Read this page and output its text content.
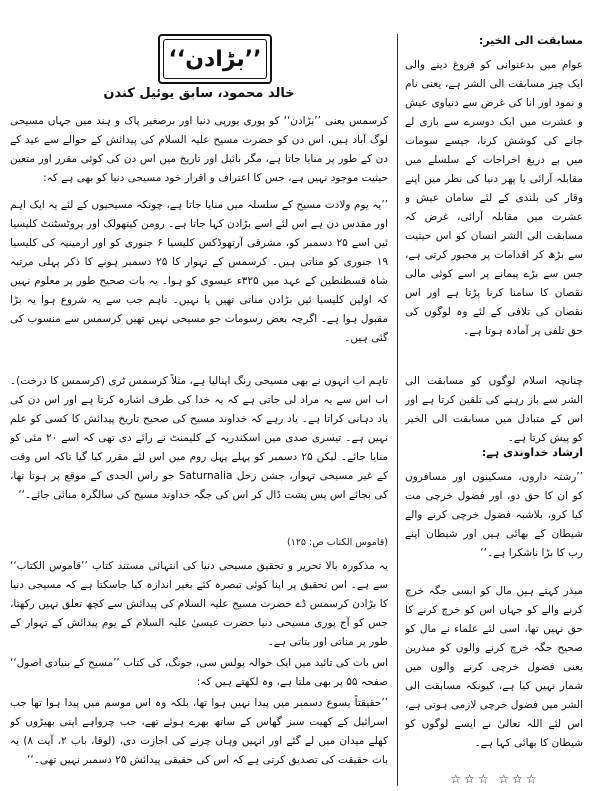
’’بڑادن‘‘
خالد محمود، سابق یوئیل کندن
کرسمس یعنی ’’بڑادن‘‘ کو پوری یورپی دنیا اور برصغیر پاک و ہند میں جہاں مسیحی لوگ آباد ہیں، اس دن کو حضرت مسیح علیہ السلام کی پیدائش کے حوالے سے عید کے دن کے طور پر منایا جاتا ہے، مگر بائبل اور تاریخ میں اس دن کی کوئی مقرر اور متعین حیثیت موجود نہیں ہے، جس کا اعتراف و اقرار خود مسیحی دنیا کو بھی ہے کہ:
’’یہ یوم ولادت مسیح کے سلسلہ میں منایا جاتا ہے، چونکہ مسیحیوں کے لئے یہ ایک اہم اور مقدس دن ہے اس لئے اسے بڑادن کہا جاتا ہے۔ رومن کیتھولک اور پروٹسٹنٹ کلیسیا ئیں اسے ۲۵ دسمبر کو، مشرقی آرتھوڈکس کلیسیا ۶ جنوری کو اور ارمینیہ کی کلیسیا ۱۹ جنوری کو مناتی ہیں۔ کرسمس کے تہوار کا ۲۵ دسمبر ہونے کا ذکر پہلی مرتبہ شاہ قسطنطین کے عہد میں ۳۲۵ء عیسوی کو ہوا۔ یہ بات صحیح طور پر معلوم نہیں کہ اولین کلیسیا ئیں بڑادن مناتی تھیں یا نہیں۔ تاہم جب سے یہ شروع ہوا یہ بڑا مقبول ہوا ہے۔ اگرچہ بعض رسومات جو مسیحی نہیں تھیں کرسمس سے منسوب کی گئی ہیں۔
تاہم اب انہوں نے بھی مسیحی رنگ اپنالیا ہے، مثلاً کرسمس ٹری (کرسمس کا درخت)۔ اب اس سے یہ مراد لی جاتی ہے کہ یہ خدا کی طرف اشارہ کرتا ہے اور اس دن کی یاد دہانی کراتا ہے۔ یاد رہے کہ خداوند مسیح کی صحیح تاریخ پیدائش کا کسی کو علم نہیں ہے۔ تیسری صدی میں اسکندریہ کے کلیمنٹ نے رائے دی تھی کہ اسے ۲۰ مئی کو منایا جائے۔ لیکن ۲۵ دسمبر کو پہلے پہل روم میں اس لئے مقرر کیا گیا تاکہ اس وقت کے غیر مسیحی تہوار، جشن زحل Saturnalia جو راس الجدی کے موقع پر ہوتا تھا، کی بجائے اس پس پشت ڈال کر اس کی جگہ خداوند مسیح کی سالگرہ منائی جائے۔‘‘
(قاموس الکتاب ص: ۱۲۵)
یہ مذکورہ بالا تحریر و تحقیق مسیحی دنیا کی انتہائی مستند کتاب ’’قاموس الکتاب‘‘ سے ہے۔ اس تحقیق پر اپنا کوئی تبصرہ کئے بغیر اندازہ کیا جاسکتا ہے کہ مسیحی دنیا کا بڑادن کرسمس ڈے حضرت مسیح علیہ السلام کی پیدائش سے کچھ تعلق نہیں رکھتا، جس کو آج پوری مسیحی دنیا حضرت عیسیٰ علیہ السلام کے یوم پیدائش کے تہوار کے طور پر مناتی اور بتاتی ہے۔
اس بات کی تائید میں ایک حوالہ پولس سی، جونگ، کی کتاب ’’مسیح کے بنیادی اصول‘‘ صفحہ ۵۵ پر بھی ملتا ہے، وہ لکھتے ہیں کہ:
’’حقیقتاً یسوع دسمبر میں پیدا نہیں ہوا تھا، بلکہ وہ اس موسم میں پیدا ہوا تھا جب اسرائیل کے کھیت سبز گھاس کے ساتھ بھرے ہوئے تھے، جب چرواہے اپنی بھیڑوں کو کھلے میدان میں لے گئے اور انہیں وہاں چرنے کی اجازت دی، (لوقا، باب ۲، آیت ۸) یہ بات حقیقت کی تصدیق کرتی ہے کہ اس کی حقیقی پیدائش ۲۵ دسمبر نہیں تھی۔‘‘
مسابقت الی الخیر:
عوام میں بدعنوانی کو فروغ دینے والی ایک چیز مسابقت الی الشر ہے، یعنی نام و نمود اور انا کی غرض سے دنیاوی عیش و عشرت میں ایک دوسرے سے بازی لے جانے کی کوشش کرنا، جیسے سومات میں بے دریغ اخراجات کے سلسلے میں مقابلہ آرائی یا پھر دنیا کی نظر میں اپنے وقار کی بلندی کے لئے سامان عیش و عشرت میں مقابلہ آرائی، غرض کہ مسابقت الی الشر انسان کو اس حیثیت سے بڑھ کر اقدامات پر مجبور کرتی ہے، جس سے بڑے پیمانے پر اسے کوئی مالی نقصان کا سامنا کرنا پڑتا ہے اور اس نقصان کی تلافی کے لئے وہ لوگوں کی حق تلفی پر آمادہ ہوتا ہے۔
چنانچہ اسلام لوگوں کو مسابقت الی الشر سے باز رہنے کی تلقین کرتا ہے اور اس کے متبادل میں مسابقت الی الخیر کو پیش کرتا ہے۔
ارشاد خداوندی ہے:
’’رشتہ داروں، مسکینوں اور مسافروں کو ان کا حق دو، اور فضول خرچی مت کیا کرو، بلاشبہ فضول خرچی کرنے والے شیطان کے بھائی ہیں اور شیطان اپنے رب کا بڑا ناشکرا ہے۔‘‘
مبذر کہتے ہیں مال کو ایسی جگہ خرچ کرنے والے کو جہاں اس کو خرچ کرنے کا حق نہیں تھا، اسی لئے علماء نے مال کو صحیح جگہ خرچ کرنے والوں کو مبذرین یعنی فضول خرچی کرنے والوں میں شمار نہیں کیا ہے، کیونکہ مسابقت الی الشر میں فضول خرچی لازمی ہوتی ہے، اس لئے اللہ تعالیٰ نے ایسے لوگوں کو شیطان کا بھائی کہا ہے۔
☆☆☆ ☆☆☆
